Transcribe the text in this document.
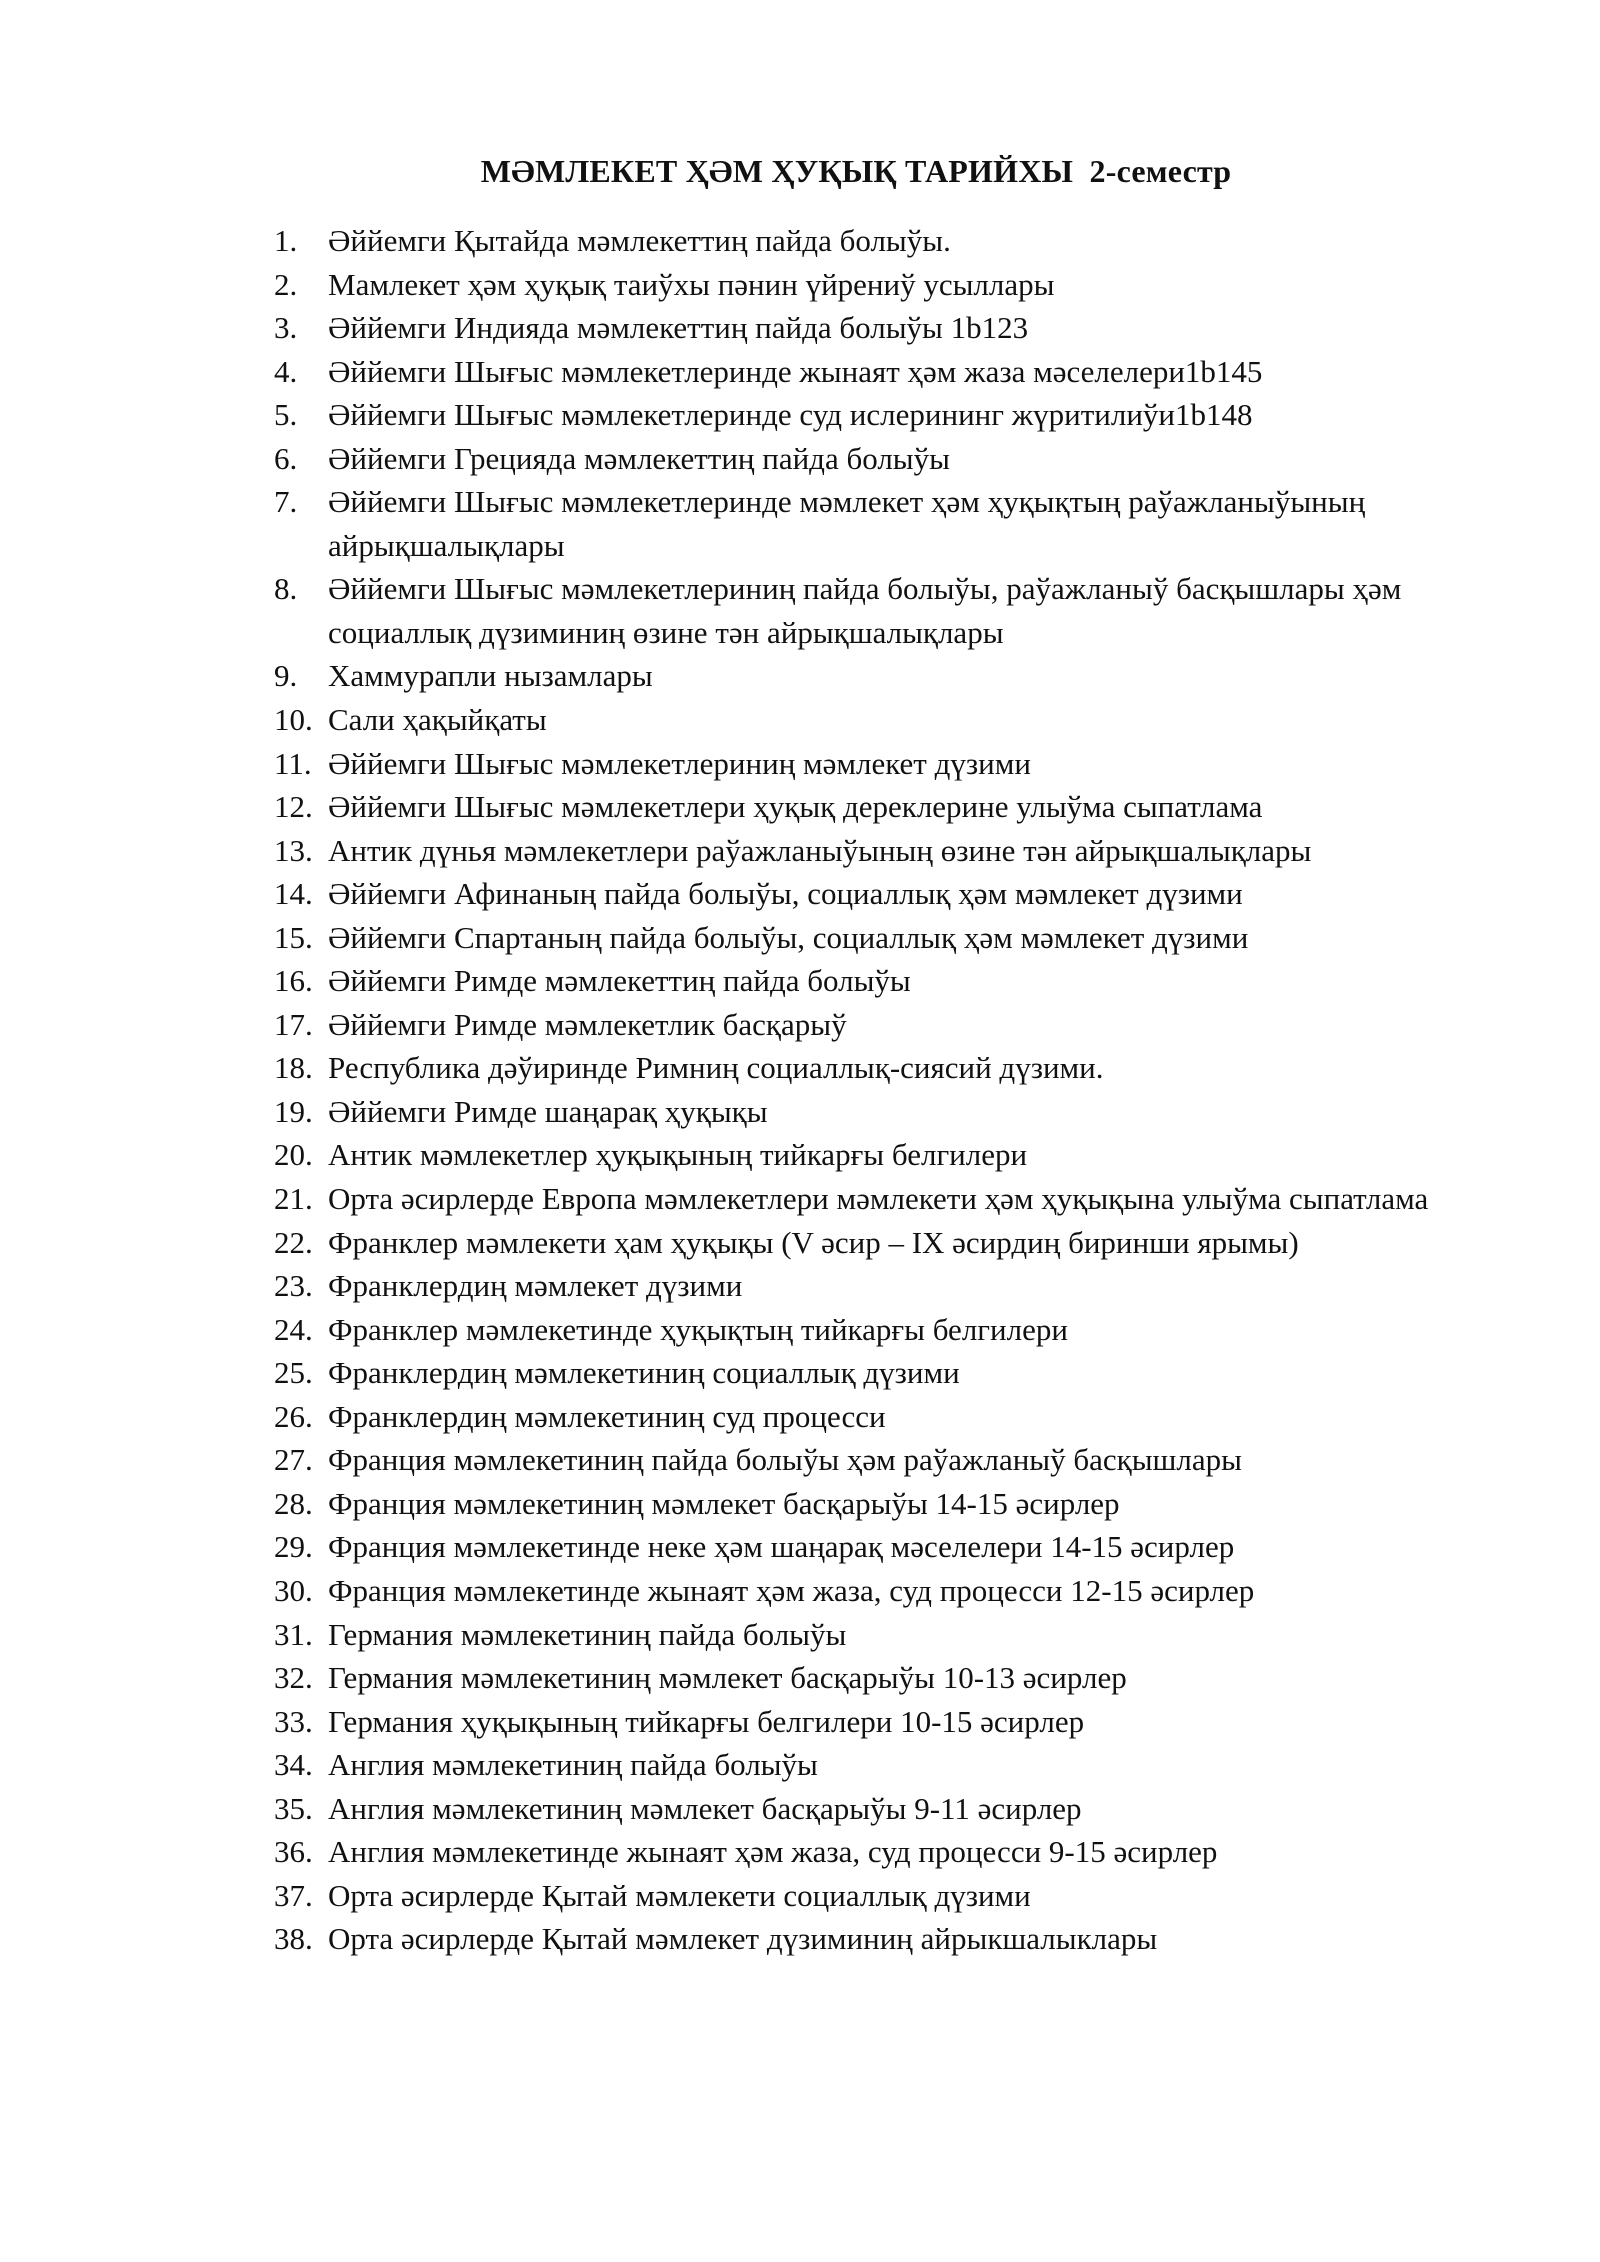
МӘМЛЕКЕТ ҲӘМ ҲУҚЫҚ ТАРИЙХЫ  2-семестр
1. Әййемги Қытайда мәмлекеттиң пайда болыўы.
2. Мамлекет ҳәм ҳуқық таиўхы пәнин үйрениў усыллары
3. Әййемги Индияда мәмлекеттиң пайда болыўы 1b123
4. Әййемги Шығыс мәмлекетлеринде жынаят ҳәм жаза мәселелери1b145
5. Әййемги Шығыс мәмлекетлеринде суд ислерининг жүритилиўи1b148
6. Әййемги Грецияда мәмлекеттиң пайда болыўы
7. Әййемги Шығыс мәмлекетлеринде мәмлекет ҳәм ҳуқықтың раўажланыўының айрықшалықлары
8. Әййемги Шығыс мәмлекетлериниң пайда болыўы, раўажланыў басқышлары ҳәм социаллық дүзиминиң өзине тән айрықшалықлары
9. Хаммурапли нызамлары
10. Сали ҳақыйқаты
11. Әййемги Шығыс мәмлекетлериниң мәмлекет дүзими
12. Әййемги Шығыс мәмлекетлери ҳуқық дереклерине улыўма сыпатлама
13. Антик дүнья мәмлекетлери раўажланыўының өзине тән айрықшалықлары
14. Әййемги Афинаның пайда болыўы, социаллық ҳәм мәмлекет дүзими
15. Әййемги Спартаның пайда болыўы, социаллық ҳәм мәмлекет дүзими
16. Әййемги Римде мәмлекеттиң пайда болыўы
17. Әййемги Римде мәмлекетлик басқарыў
18. Республика дәўиринде Римниң социаллық-сиясий дүзими.
19. Әййемги Римде шаңарақ ҳуқықы
20. Антик мәмлекетлер ҳуқықының тийкарғы белгилери
21. Орта әсирлерде Европа мәмлекетлери мәмлекети ҳәм ҳуқықына улыўма сыпатлама
22. Франклер мәмлекети ҳам ҳуқықы (V әсир – IX әсирдиң биринши ярымы)
23. Франклердиң мәмлекет дүзими
24. Франклер мәмлекетинде ҳуқықтың тийкарғы белгилери
25. Франклердиң мәмлекетиниң социаллық дүзими
26. Франклердиң мәмлекетиниң суд процесси
27. Франция мәмлекетиниң пайда болыўы ҳәм раўажланыў басқышлары
28. Франция мәмлекетиниң мәмлекет басқарыўы 14-15 әсирлер
29. Франция мәмлекетинде неке ҳәм шаңарақ мәселелери 14-15 әсирлер
30. Франция мәмлекетинде жынаят ҳәм жаза, суд процесси 12-15 әсирлер
31. Германия мәмлекетиниң пайда болыўы
32. Германия мәмлекетиниң мәмлекет басқарыўы 10-13 әсирлер
33. Германия ҳуқықының тийкарғы белгилери 10-15 әсирлер
34. Англия мәмлекетиниң пайда болыўы
35. Англия мәмлекетиниң мәмлекет басқарыўы 9-11 әсирлер
36. Англия мәмлекетинде жынаят ҳәм жаза, суд процесси 9-15 әсирлер
37. Орта әсирлерде Қытай мәмлекети социаллық дүзими
38. Орта әсирлерде Қытай мәмлекет дүзиминиң айрыкшалыклары
